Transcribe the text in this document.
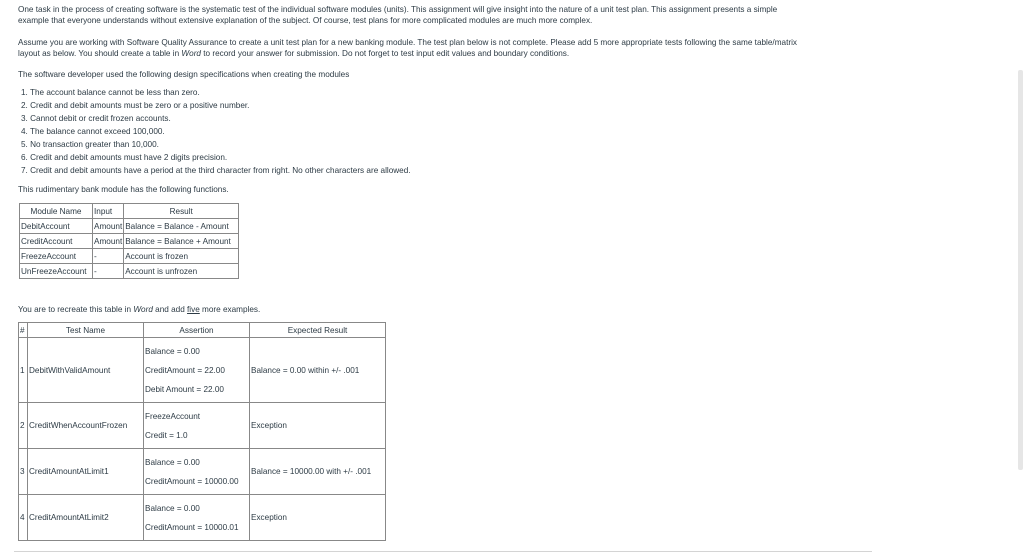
One task in the process of creating software is the systematic test of the individual software modules (units). This assignment will give insight into the nature of a unit test plan. This assignment presents a simple
example that everyone understands without extensive explanation of the subject. Of course, test plans for more complicated modules are much more complex.

Assume you are working with Software Quality Assurance to create a unit test plan for a new banking module. The test plan below is not complete. Please add 5 more appropriate tests following the same table/matrix
layout as below. You should create a table in Word to record your answer for submission. Do not forget to test input edit values and boundary conditions.

The software developer used the following design specifications when creating the modules

1. The account balance cannot be less than zero.
2. Credit and debit amounts must be zero or a positive number.
3. Cannot debit or credit frozen accounts.
4. The balance cannot exceed 100,000.
5. No transaction greater than 10,000.
6. Credit and debit amounts must have 2 digits precision.
7. Credit and debit amounts have a period at the third character from right. No other characters are allowed.

This rudimentary bank module has the following functions.

Module Name	Input	Result
DebitAccount	Amount	Balance = Balance - Amount
CreditAccount	Amount	Balance = Balance + Amount
FreezeAccount	-	Account is frozen
UnFreezeAccount	-	Account is unfrozen

You are to recreate this table in Word and add five more examples.

#	Test Name	Assertion	Expected Result
1	DebitWithValidAmount	Balance = 0.00
CreditAmount = 22.00
Debit Amount = 22.00	Balance = 0.00 within +/- .001
2	CreditWhenAccountFrozen	FreezeAccount
Credit = 1.0	Exception
3	CreditAmountAtLimit1	Balance = 0.00
CreditAmount = 10000.00	Balance = 10000.00 with +/- .001
4	CreditAmountAtLimit2	Balance = 0.00
CreditAmount = 10000.01	Exception
